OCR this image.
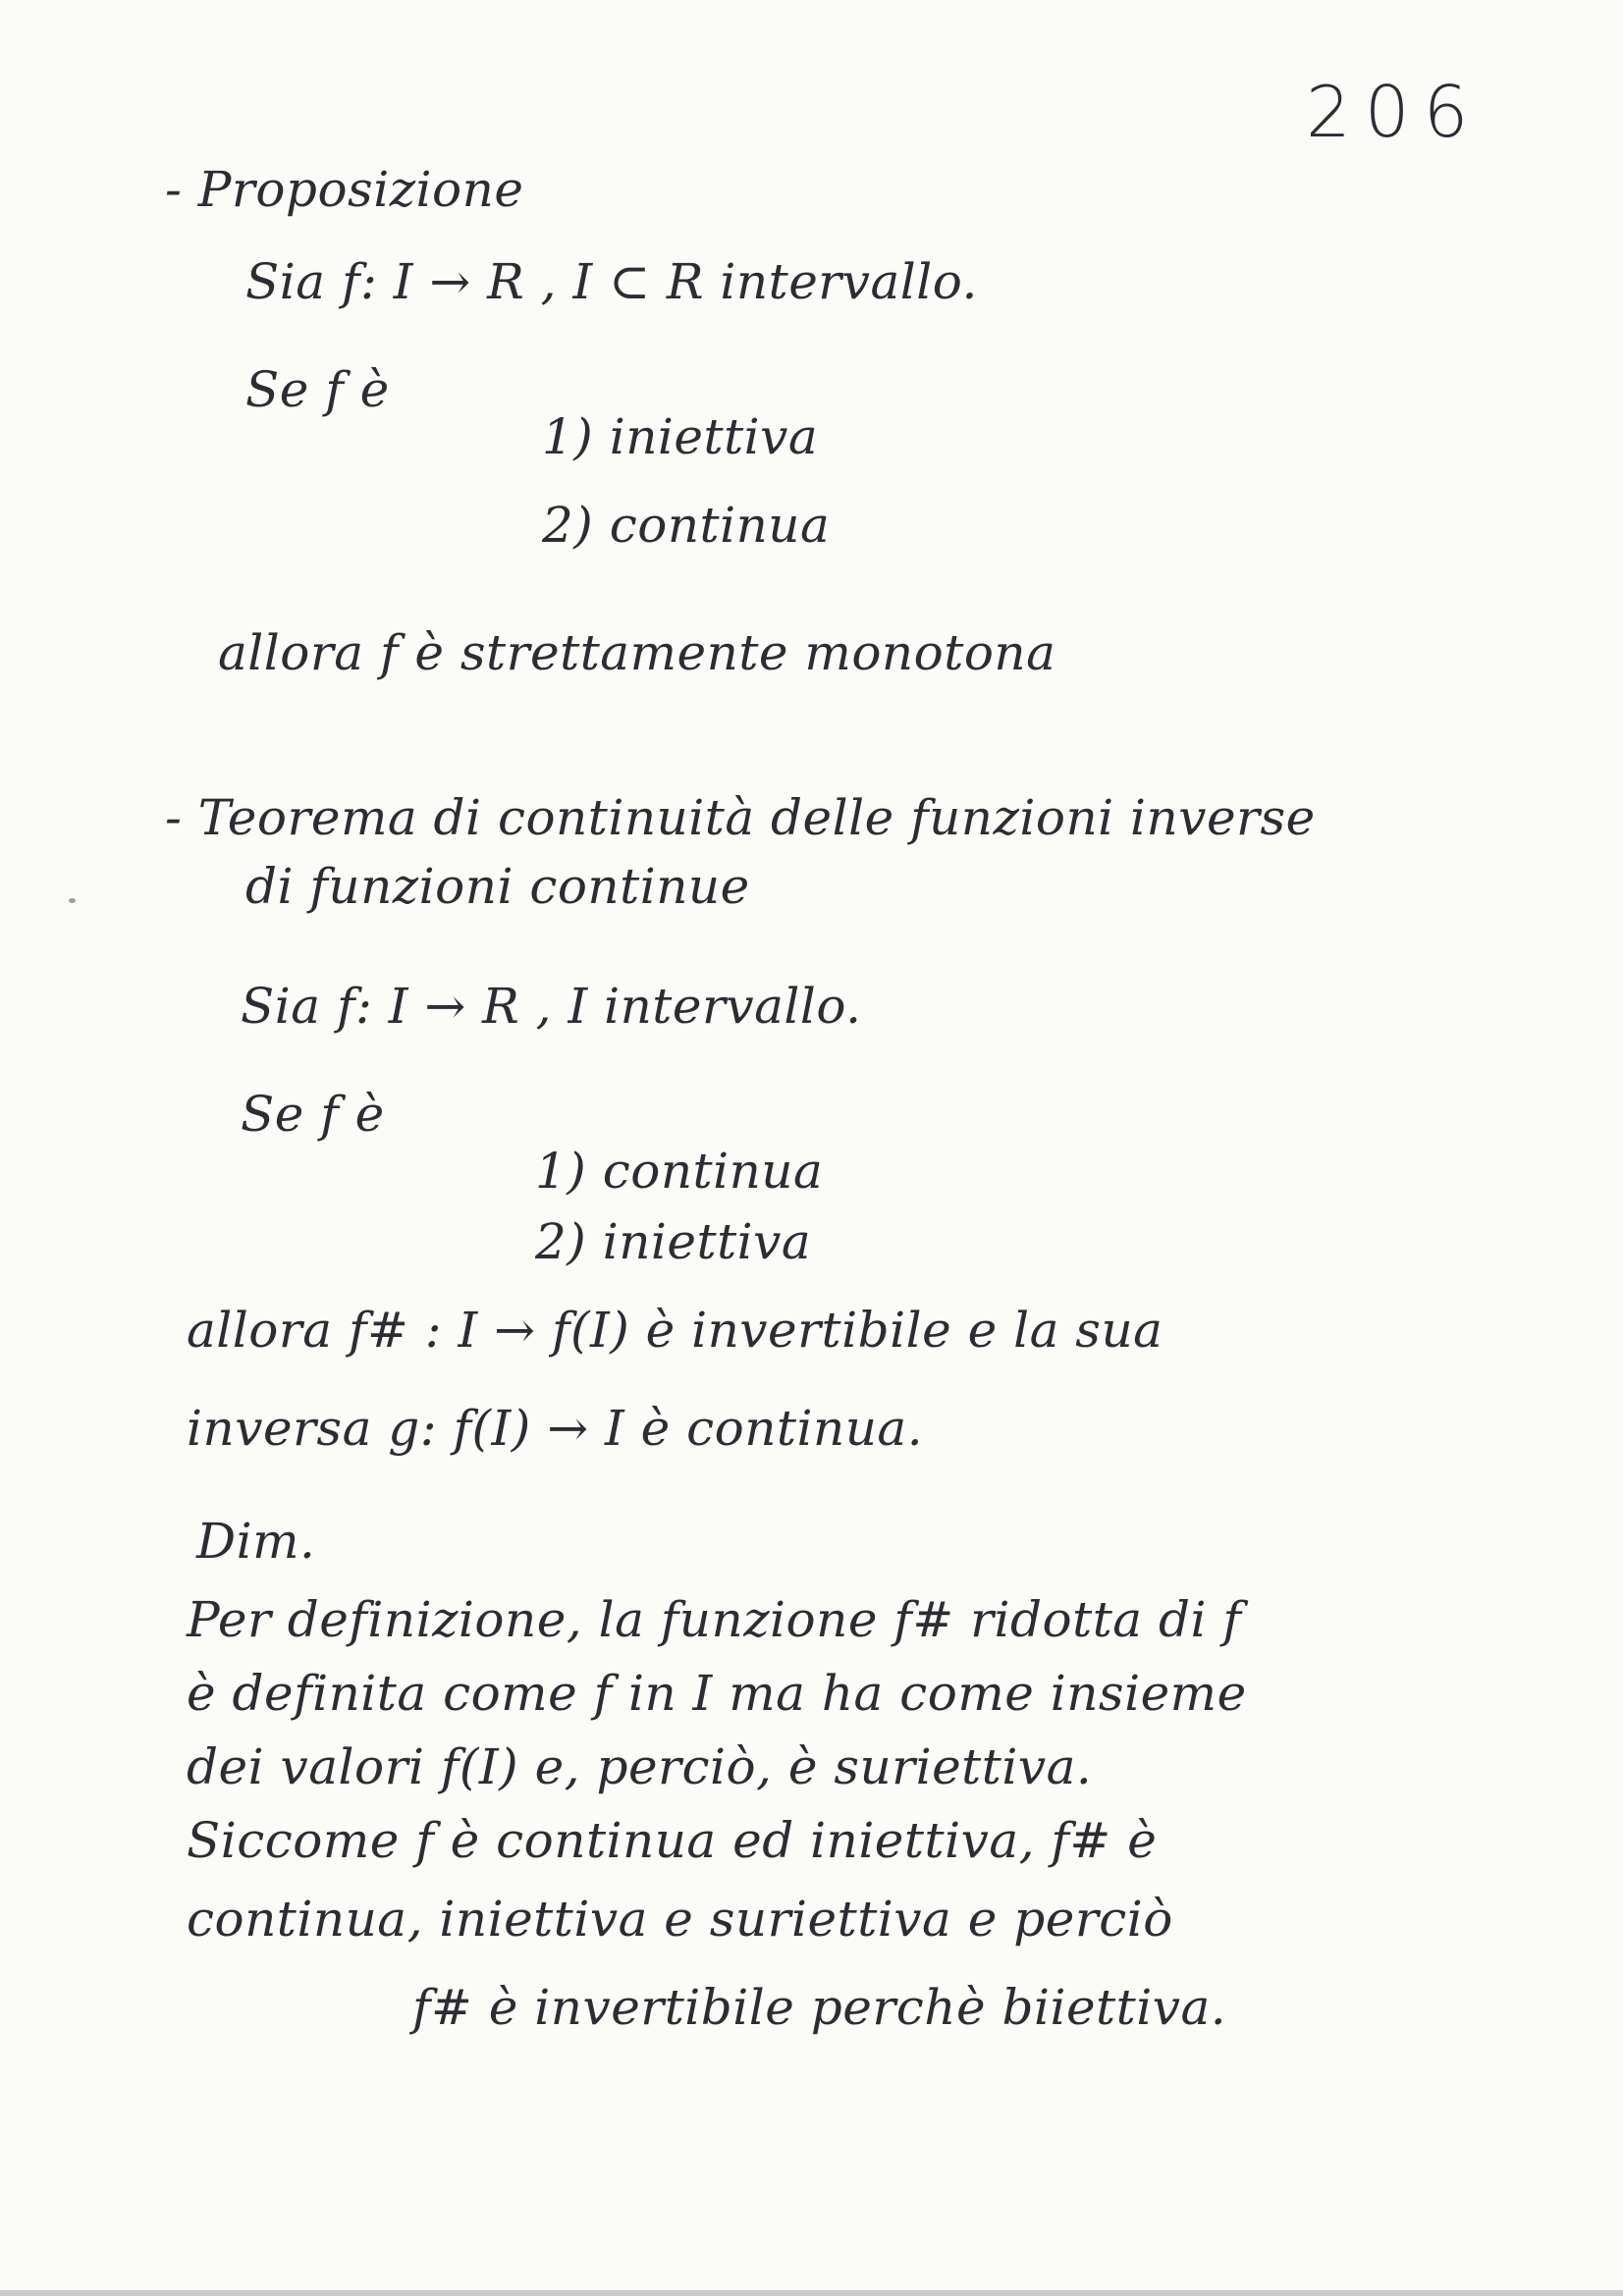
206
- Proposizione
Sia f: I → R , I ⊂ R intervallo.
Se f è
1) iniettiva
2) continua
allora f è strettamente monotona
- Teorema di continuità delle funzioni inverse
di funzioni continue
Sia f: I → R , I intervallo.
Se f è
1) continua
2) iniettiva
allora f# : I → f(I) è invertibile e la sua
inversa g: f(I) → I è continua.
Dim.
Per definizione, la funzione f# ridotta di f
è definita come f in I ma ha come insieme
dei valori f(I) e, perciò, è suriettiva.
Siccome f è continua ed iniettiva, f# è
continua, iniettiva e suriettiva e perciò
f# è invertibile perchè biiettiva.
